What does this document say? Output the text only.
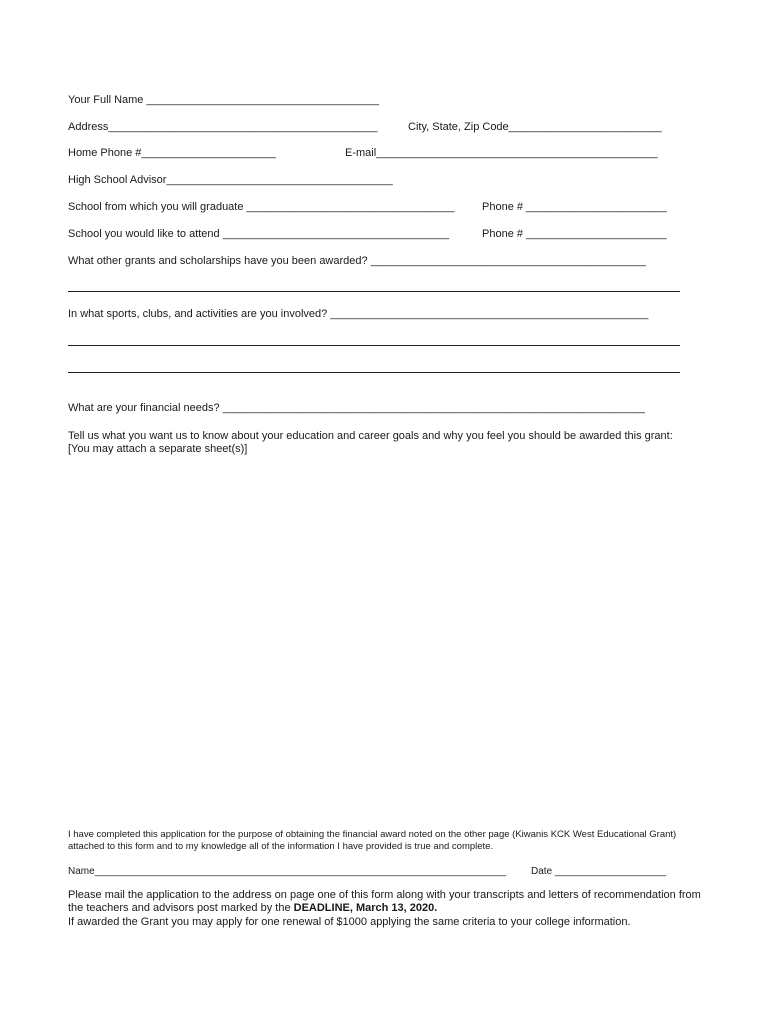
Your Full Name ______________________________________
Address____________________________________________	City, State, Zip Code_________________________
Home Phone #______________________	E-mail______________________________________________
High School Advisor_____________________________________
School from which you will graduate __________________________________ Phone # _______________________
School you would like to attend _____________________________________	Phone # _______________________
What other grants and scholarships have you been awarded? _____________________________________________
In what sports, clubs, and activities are you involved? ____________________________________________________
What are your financial needs? _____________________________________________________________________
Tell us what you want us to know about your education and career goals and why you feel you should be awarded this grant:
[You may attach a separate sheet(s)]
I have completed this application for the purpose of obtaining the financial award noted on the other page (Kiwanis KCK West Educational Grant) attached to this form and to my knowledge all of the information I have provided is true and complete.
Name__________________________________________________________________________ Date ____________________
Please mail the application to the address on page one of this form along with your transcripts and letters of recommendation from the teachers and advisors post marked by the DEADLINE, March 13, 2020.
If awarded the Grant you may apply for one renewal of $1000 applying the same criteria to your college information.
